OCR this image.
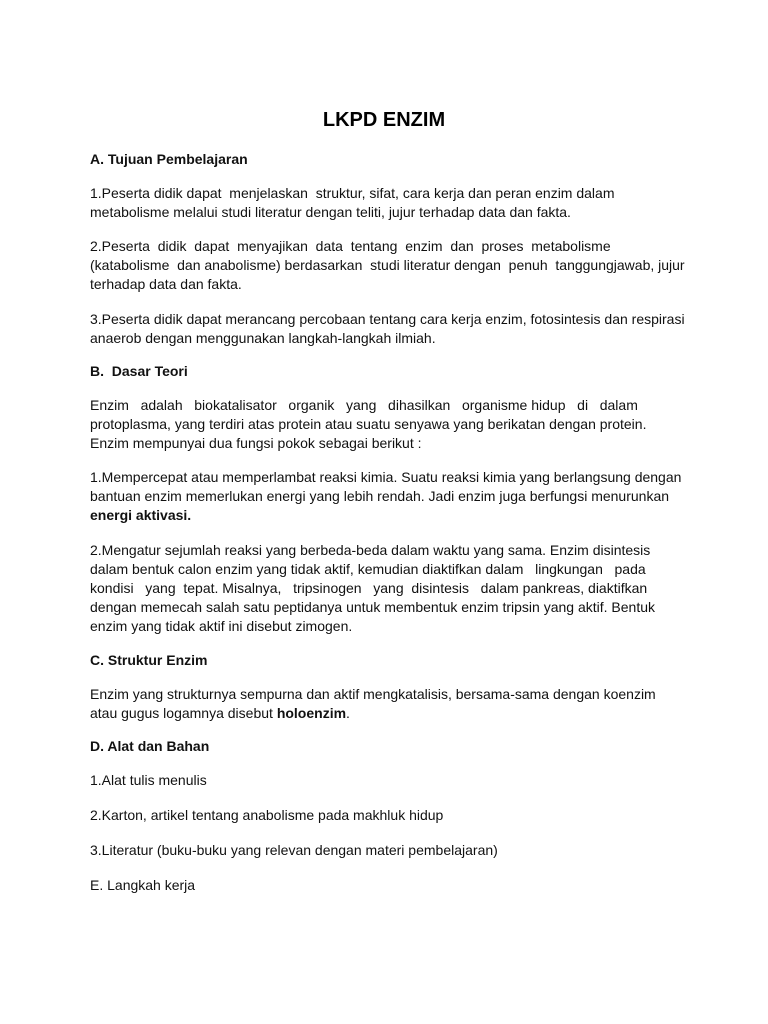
LKPD ENZIM

A. Tujuan Pembelajaran

1.Peserta didik dapat  menjelaskan  struktur, sifat, cara kerja dan peran enzim dalam
metabolisme melalui studi literatur dengan teliti, jujur terhadap data dan fakta.
2.Peserta  didik  dapat  menyajikan  data  tentang  enzim  dan  proses  metabolisme
(katabolisme  dan anabolisme) berdasarkan  studi literatur dengan  penuh  tanggungjawab, jujur
terhadap data dan fakta.
3.Peserta didik dapat merancang percobaan tentang cara kerja enzim, fotosintesis dan respirasi
anaerob dengan menggunakan langkah-langkah ilmiah.

B.  Dasar Teori

Enzim   adalah   biokatalisator   organik   yang   dihasilkan   organisme hidup   di   dalam
protoplasma, yang terdiri atas protein atau suatu senyawa yang berikatan dengan protein.
Enzim mempunyai dua fungsi pokok sebagai berikut :
1.Mempercepat atau memperlambat reaksi kimia. Suatu reaksi kimia yang berlangsung dengan
bantuan enzim memerlukan energi yang lebih rendah. Jadi enzim juga berfungsi menurunkan
energi aktivasi.
2.Mengatur sejumlah reaksi yang berbeda-beda dalam waktu yang sama. Enzim disintesis
dalam bentuk calon enzim yang tidak aktif, kemudian diaktifkan dalam   lingkungan   pada
kondisi   yang  tepat. Misalnya,   tripsinogen   yang  disintesis   dalam pankreas, diaktifkan
dengan memecah salah satu peptidanya untuk membentuk enzim tripsin yang aktif. Bentuk
enzim yang tidak aktif ini disebut zimogen.

C. Struktur Enzim

Enzim yang strukturnya sempurna dan aktif mengkatalisis, bersama-sama dengan koenzim
atau gugus logamnya disebut holoenzim.

D. Alat dan Bahan

1.Alat tulis menulis

2.Karton, artikel tentang anabolisme pada makhluk hidup

3.Literatur (buku-buku yang relevan dengan materi pembelajaran)

E. Langkah kerja
